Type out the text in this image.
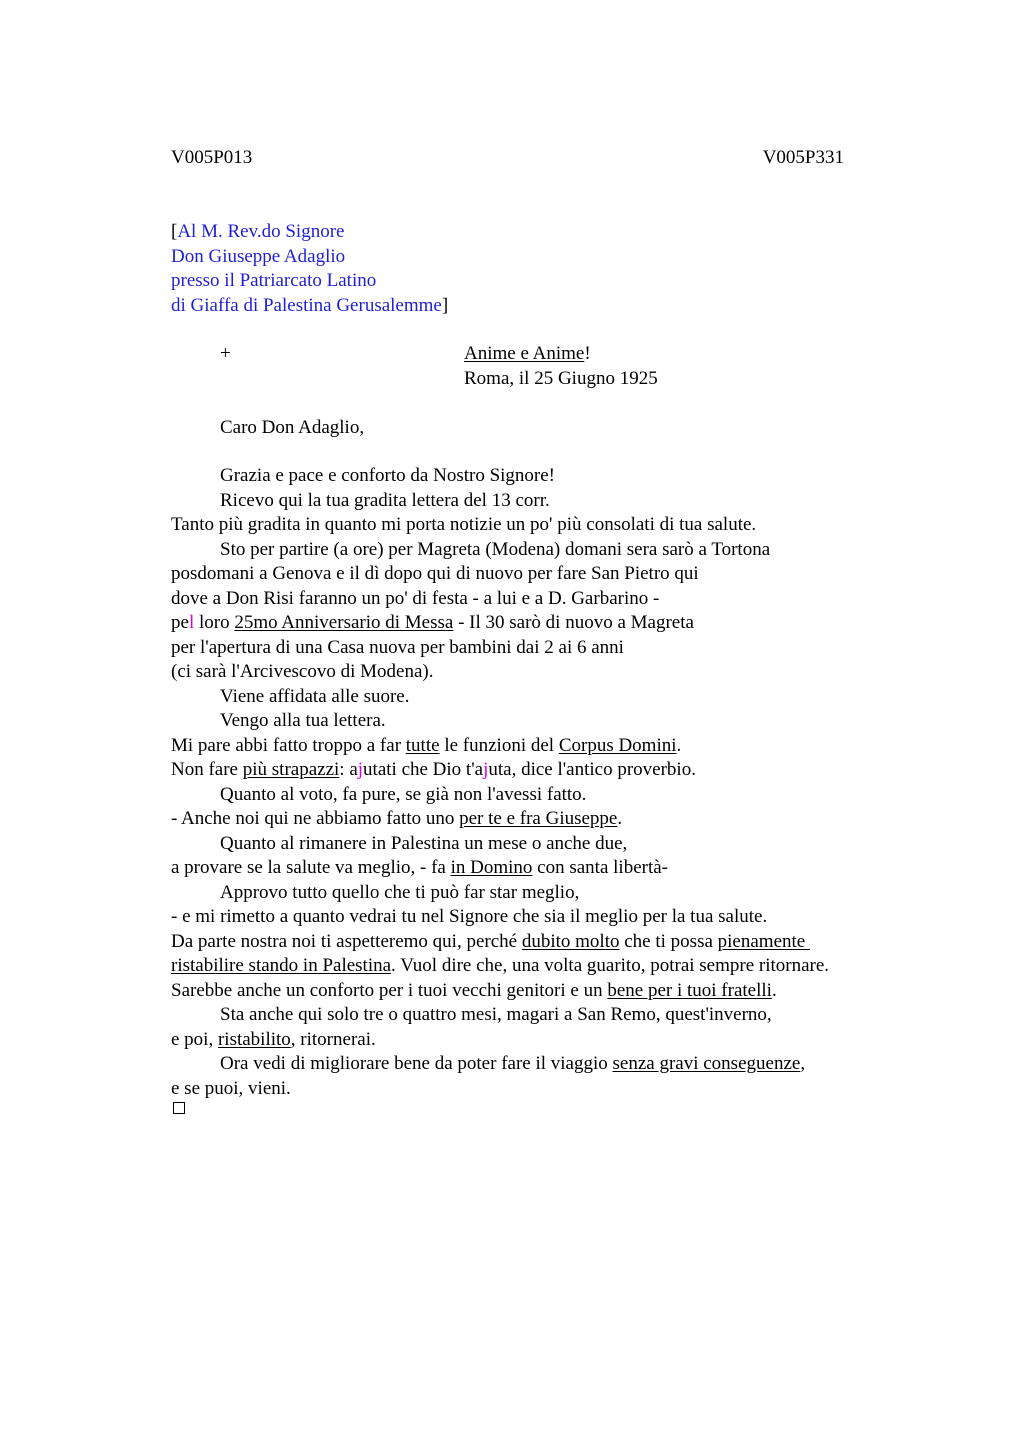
V005P013	V005P331
[Al M. Rev.do Signore
Don Giuseppe Adaglio
presso il Patriarcato Latino
di Giaffa di Palestina Gerusalemme]
+	Anime e Anime!
Roma, il 25 Giugno 1925
Caro Don Adaglio,
Grazia e pace e conforto da Nostro Signore!
Ricevo qui la tua gradita lettera del 13 corr.
Tanto più gradita in quanto mi porta notizie un po' più consolati di tua salute.
Sto per partire (a ore) per Magreta (Modena) domani sera sarò a Tortona
posdomani a Genova e il dì dopo qui di nuovo per fare San Pietro qui
dove a Don Risi faranno un po' di festa - a lui e a D. Garbarino -
pel loro 25mo Anniversario di Messa - Il 30 sarò di nuovo a Magreta
per l'apertura di una Casa nuova per bambini dai 2 ai 6 anni
(ci sarà l'Arcivescovo di Modena).
Viene affidata alle suore.
Vengo alla tua lettera.
Mi pare abbi fatto troppo a far tutte le funzioni del Corpus Domini.
Non fare più strapazzi: ajutati che Dio t'ajuta, dice l'antico proverbio.
Quanto al voto, fa pure, se già non l'avessi fatto.
- Anche noi qui ne abbiamo fatto uno per te e fra Giuseppe.
Quanto al rimanere in Palestina un mese o anche due,
a provare se la salute va meglio, - fa in Domino con santa libertà-
Approvo tutto quello che ti può far star meglio,
- e mi rimetto a quanto vedrai tu nel Signore che sia il meglio per la tua salute.
Da parte nostra noi ti aspetteremo qui, perché dubito molto che ti possa pienamente
ristabilire stando in Palestina. Vuol dire che, una volta guarito, potrai sempre ritornare.
Sarebbe anche un conforto per i tuoi vecchi genitori e un bene per i tuoi fratelli.
Sta anche qui solo tre o quattro mesi, magari a San Remo, quest'inverno,
e poi, ristabilito, ritornerai.
Ora vedi di migliorare bene da poter fare il viaggio senza gravi conseguenze,
e se puoi, vieni.
